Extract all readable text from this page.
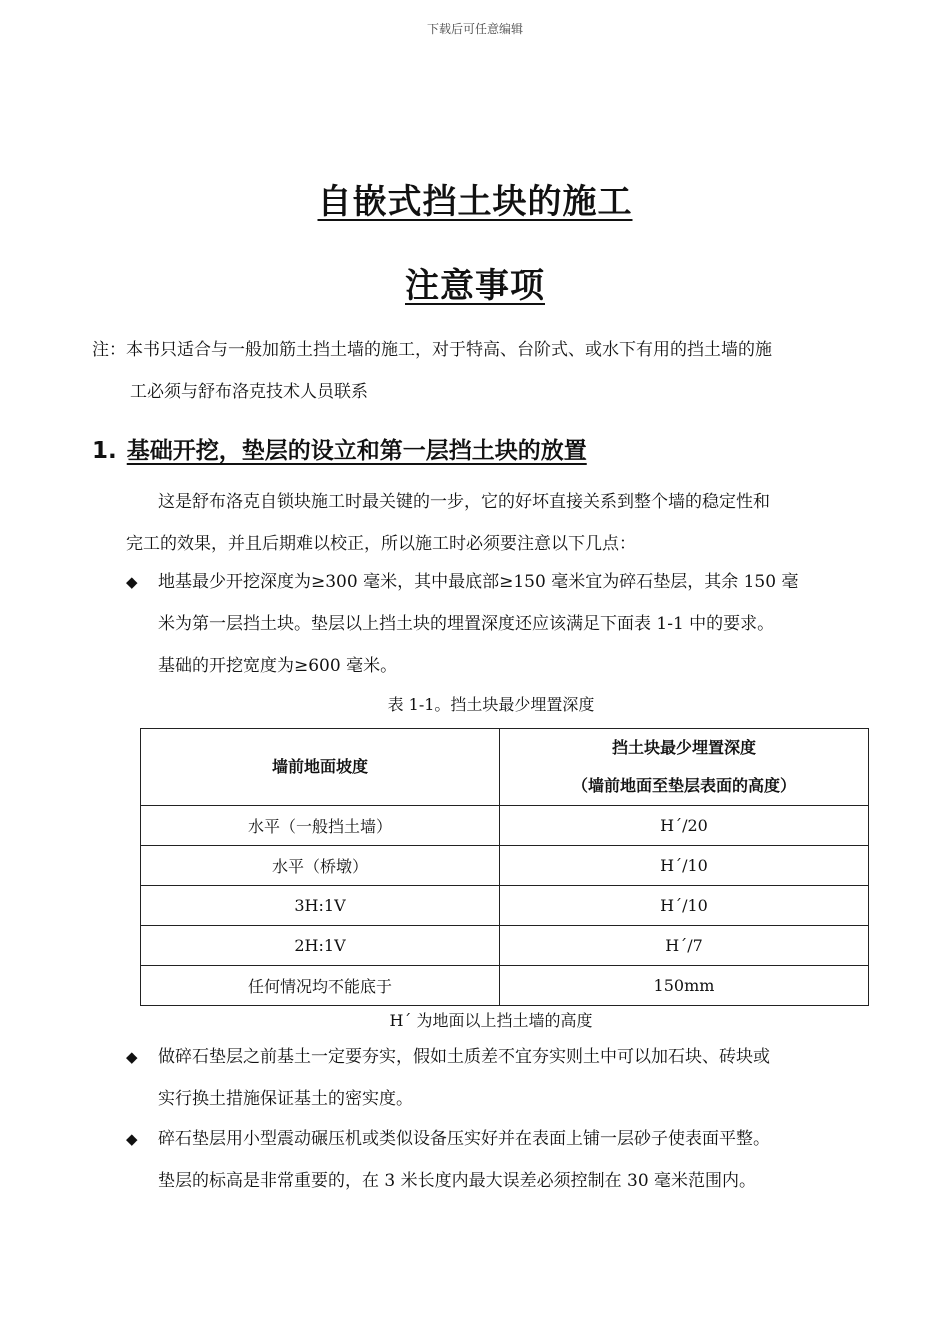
下载后可任意编辑
自嵌式挡土块的施工
注意事项
注：本书只适合与一般加筋土挡土墙的施工，对于特高、台阶式、或水下有用的挡土墙的施
工必须与舒布洛克技术人员联系
1. 基础开挖，垫层的设立和第一层挡土块的放置
这是舒布洛克自锁块施工时最关键的一步，它的好坏直接关系到整个墙的稳定性和
完工的效果，并且后期难以校正，所以施工时必须要注意以下几点：
◆ 地基最少开挖深度为≥300 毫米，其中最底部≥150 毫米宜为碎石垫层，其余 150 毫
米为第一层挡土块。垫层以上挡土块的埋置深度还应该满足下面表 1-1 中的要求。
基础的开挖宽度为≥600 毫米。
表 1-1。挡土块最少埋置深度
墙前地面坡度	挡土块最少埋置深度
（墙前地面至垫层表面的高度）

水平（一般挡土墙）	H´/20
水平（桥墩）	H´/10
3H:1V	H´/10
2H:1V	H´/7
任何情况均不能底于	150mm
H´ 为地面以上挡土墙的高度
◆ 做碎石垫层之前基土一定要夯实，假如土质差不宜夯实则土中可以加石块、砖块或
实行换土措施保证基土的密实度。
◆ 碎石垫层用小型震动碾压机或类似设备压实好并在表面上铺一层砂子使表面平整。
垫层的标高是非常重要的，在 3 米长度内最大误差必须控制在 30 毫米范围内。
